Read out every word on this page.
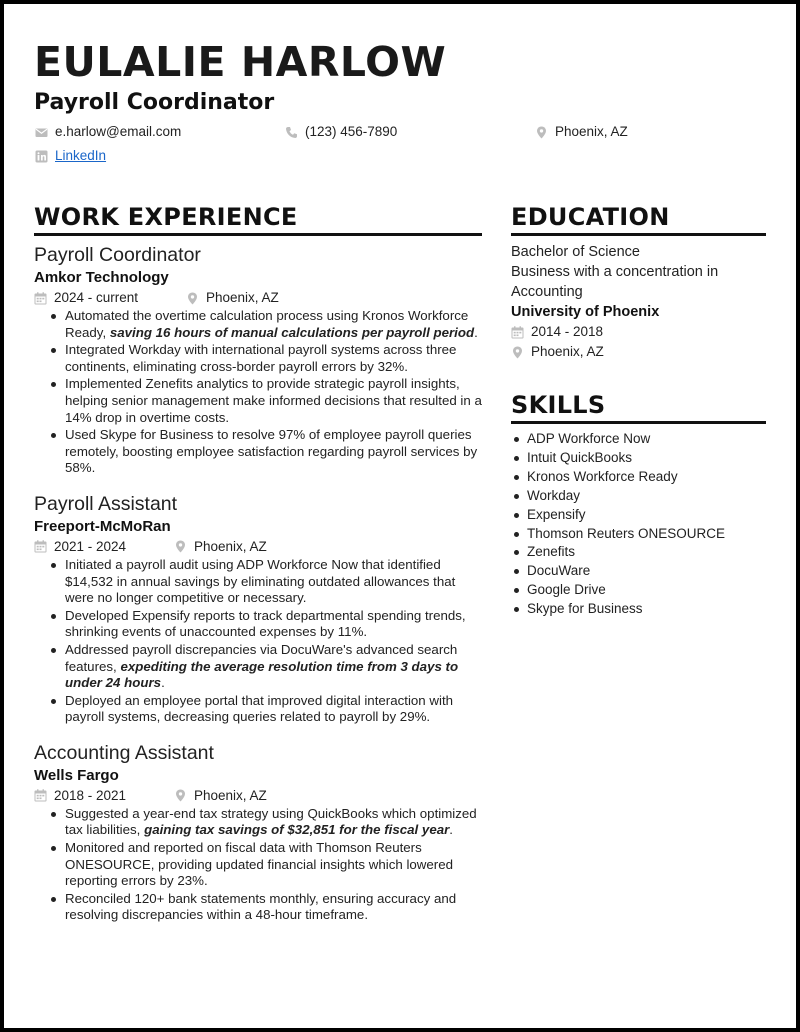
EULALIE HARLOW
Payroll Coordinator
e.harlow@email.com	(123) 456-7890	Phoenix, AZ
LinkedIn
WORK EXPERIENCE
Payroll Coordinator
Amkor Technology
2024 - current	Phoenix, AZ
Automated the overtime calculation process using Kronos Workforce Ready, saving 16 hours of manual calculations per payroll period.
Integrated Workday with international payroll systems across three continents, eliminating cross-border payroll errors by 32%.
Implemented Zenefits analytics to provide strategic payroll insights, helping senior management make informed decisions that resulted in a 14% drop in overtime costs.
Used Skype for Business to resolve 97% of employee payroll queries remotely, boosting employee satisfaction regarding payroll services by 58%.
Payroll Assistant
Freeport-McMoRan
2021 - 2024	Phoenix, AZ
Initiated a payroll audit using ADP Workforce Now that identified $14,532 in annual savings by eliminating outdated allowances that were no longer competitive or necessary.
Developed Expensify reports to track departmental spending trends, shrinking events of unaccounted expenses by 11%.
Addressed payroll discrepancies via DocuWare's advanced search features, expediting the average resolution time from 3 days to under 24 hours.
Deployed an employee portal that improved digital interaction with payroll systems, decreasing queries related to payroll by 29%.
Accounting Assistant
Wells Fargo
2018 - 2021	Phoenix, AZ
Suggested a year-end tax strategy using QuickBooks which optimized tax liabilities, gaining tax savings of $32,851 for the fiscal year.
Monitored and reported on fiscal data with Thomson Reuters ONESOURCE, providing updated financial insights which lowered reporting errors by 23%.
Reconciled 120+ bank statements monthly, ensuring accuracy and resolving discrepancies within a 48-hour timeframe.
EDUCATION
Bachelor of Science
Business with a concentration in Accounting
University of Phoenix
2014 - 2018
Phoenix, AZ
SKILLS
ADP Workforce Now
Intuit QuickBooks
Kronos Workforce Ready
Workday
Expensify
Thomson Reuters ONESOURCE
Zenefits
DocuWare
Google Drive
Skype for Business
